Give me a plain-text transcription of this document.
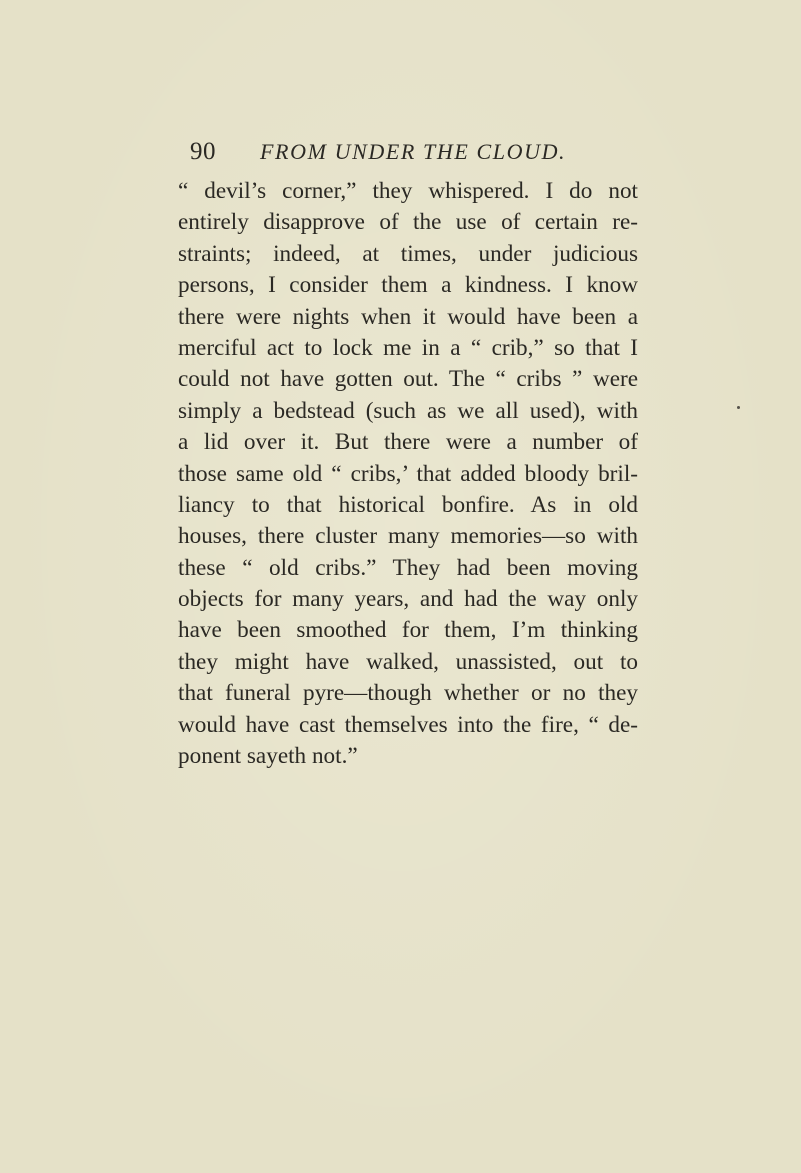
90 FROM UNDER THE CLOUD.
“ devil’s corner,” they whispered. I do not
entirely disapprove of the use of certain re-
straints; indeed, at times, under judicious
persons, I consider them a kindness. I know
there were nights when it would have been a
merciful act to lock me in a “ crib,” so that I
could not have gotten out. The “ cribs ” were
simply a bedstead (such as we all used), with
a lid over it. But there were a number of
those same old “ cribs,’ that added bloody bril-
liancy to that historical bonfire. As in old
houses, there cluster many memories—so with
these “ old cribs.” They had been moving
objects for many years, and had the way only
have been smoothed for them, I’m thinking
they might have walked, unassisted, out to
that funeral pyre—though whether or no they
would have cast themselves into the fire, “ de-
ponent sayeth not.”
